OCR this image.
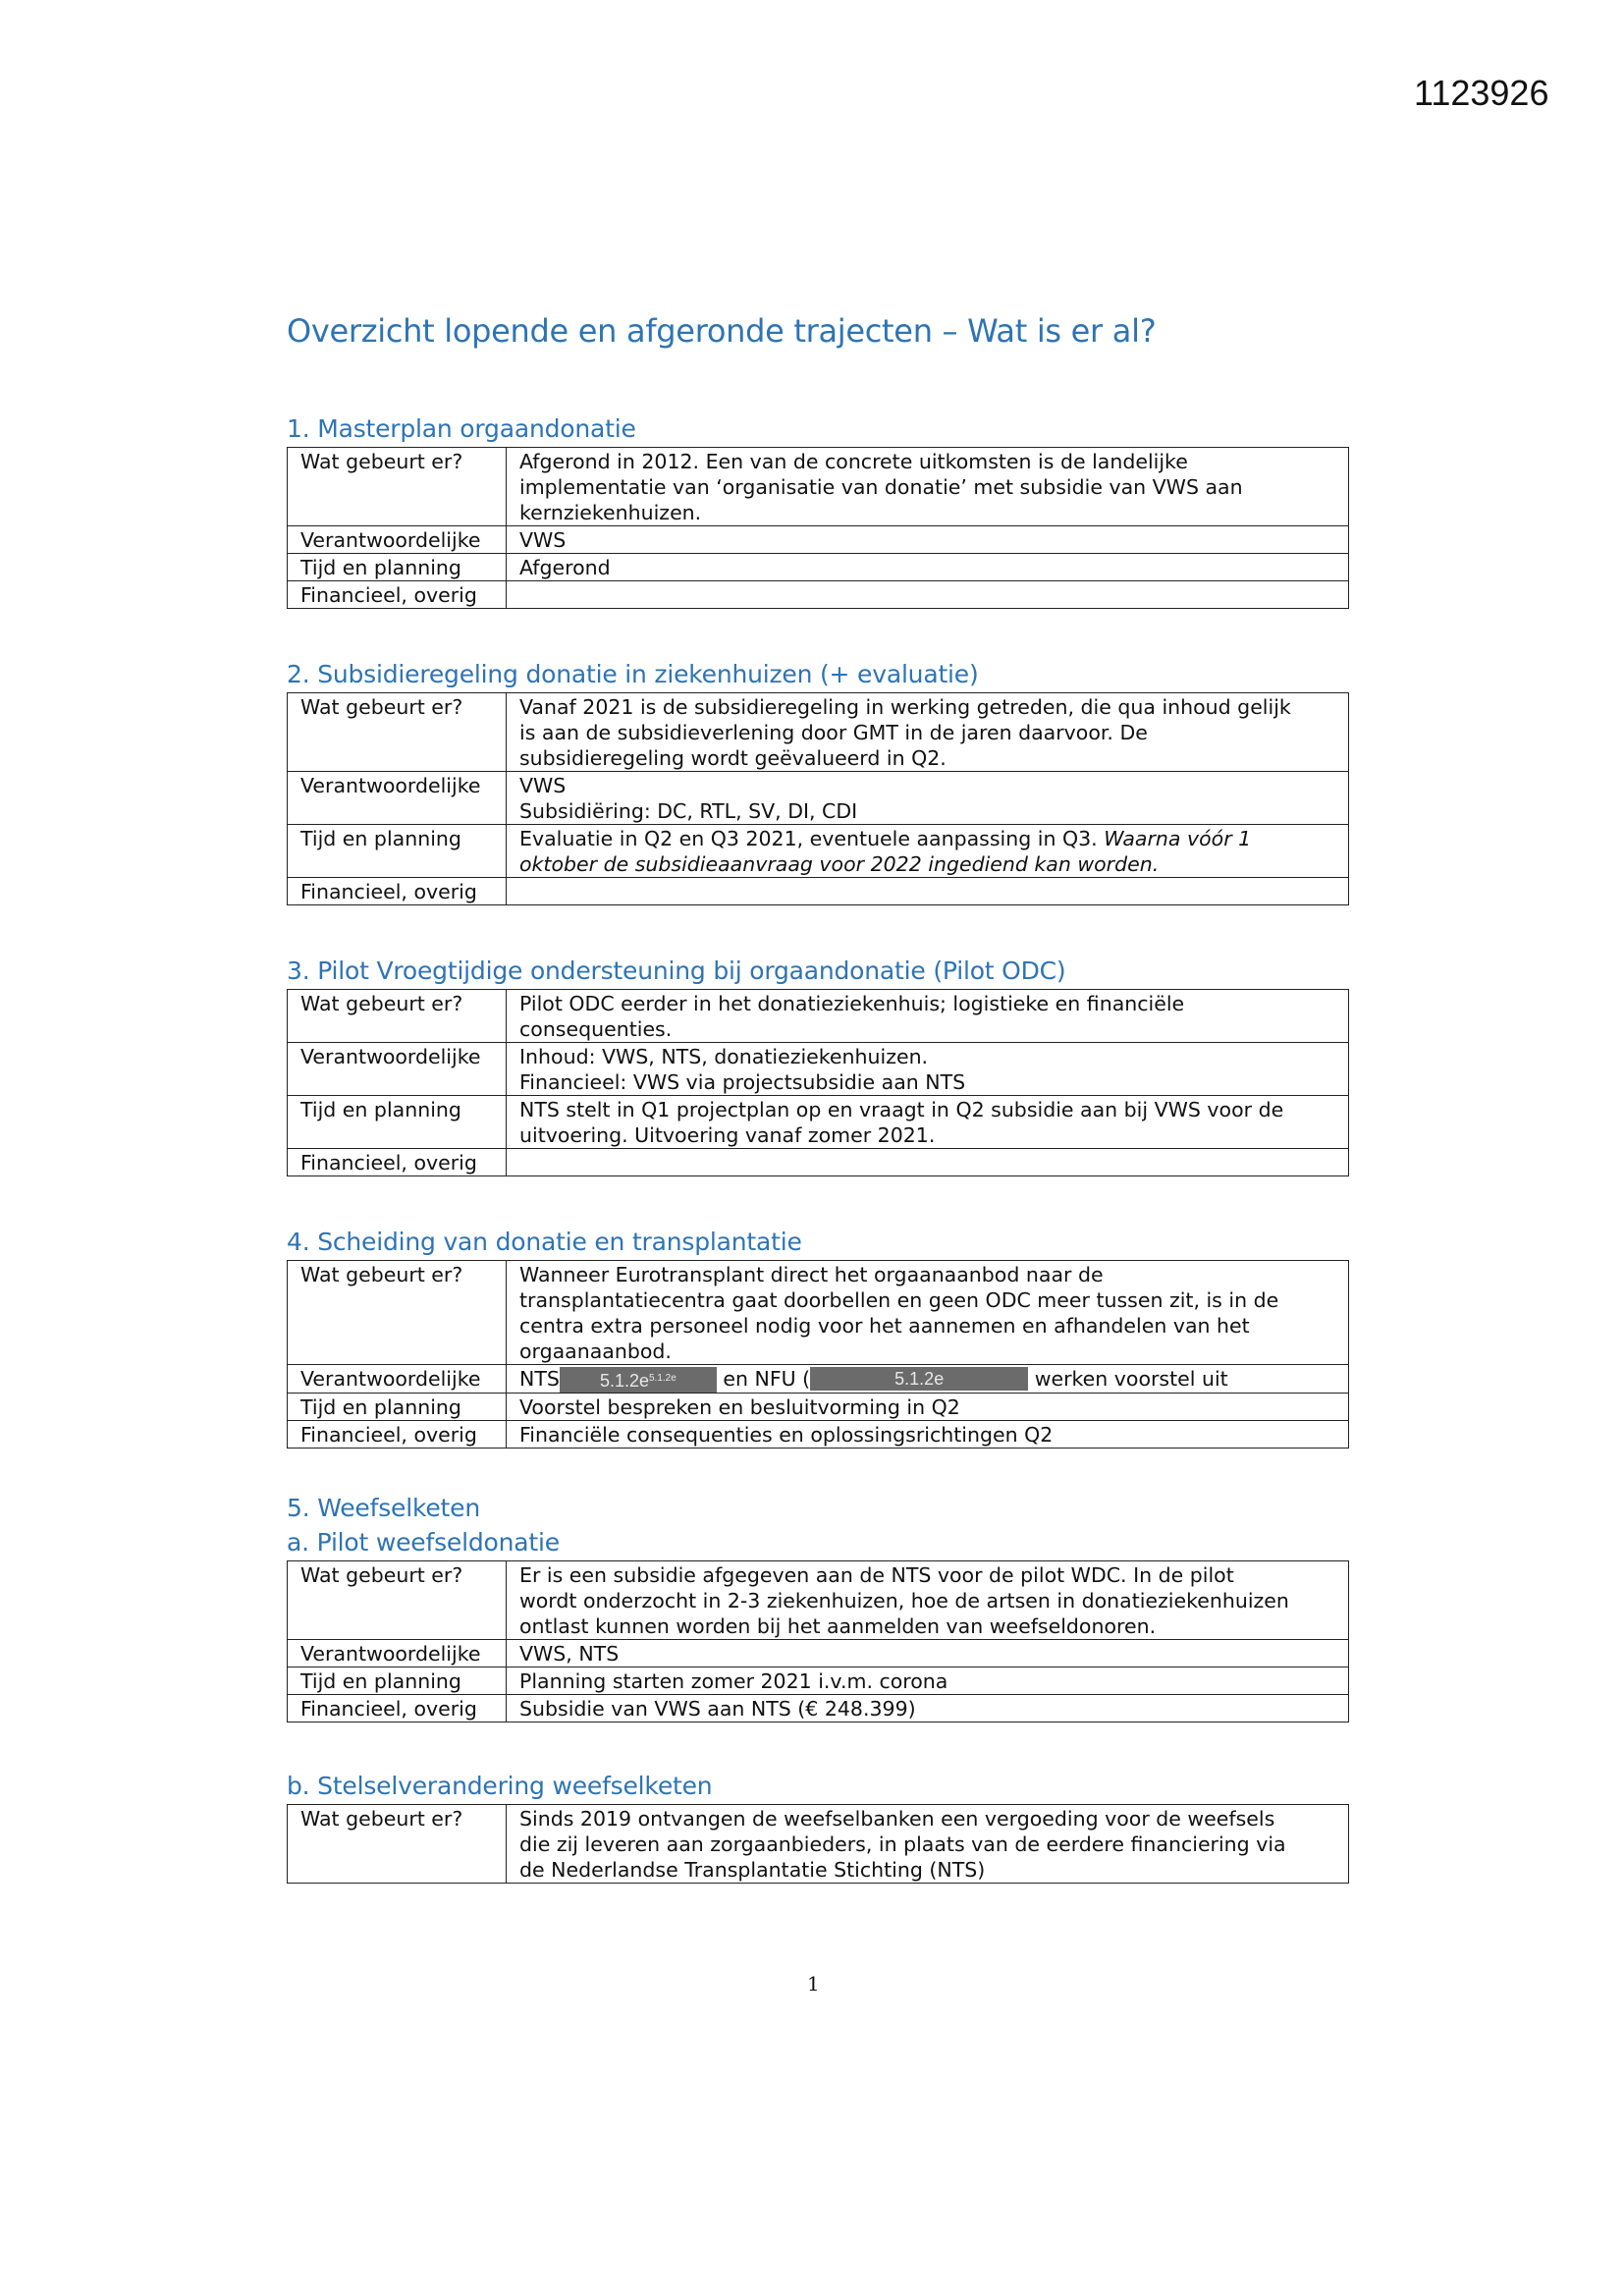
1123926
Overzicht lopende en afgeronde trajecten – Wat is er al?
1. Masterplan orgaandonatie
Wat gebeurt er?	Afgerond in 2012. Een van de concrete uitkomsten is de landelijke
implementatie van ‘organisatie van donatie’ met subsidie van VWS aan
kernziekenhuizen.

Verantwoordelijke	VWS
Tijd en planning	Afgerond
Financieel, overig	
2. Subsidieregeling donatie in ziekenhuizen (+ evaluatie)
Wat gebeurt er?	Vanaf 2021 is de subsidieregeling in werking getreden, die qua inhoud gelijk
is aan de subsidieverlening door GMT in de jaren daarvoor. De
subsidieregeling wordt geëvalueerd in Q2.

Verantwoordelijke	VWS
Subsidiëring: DC, RTL, SV, DI, CDI

Tijd en planning	Evaluatie in Q2 en Q3 2021, eventuele aanpassing in Q3. Waarna vóór 1
oktober de subsidieaanvraag voor 2022 ingediend kan worden.

Financieel, overig	
3. Pilot Vroegtijdige ondersteuning bij orgaandonatie (Pilot ODC)
Wat gebeurt er?	Pilot ODC eerder in het donatieziekenhuis; logistieke en financiële
consequenties.

Verantwoordelijke	Inhoud: VWS, NTS, donatieziekenhuizen.
Financieel: VWS via projectsubsidie aan NTS

Tijd en planning	NTS stelt in Q1 projectplan op en vraagt in Q2 subsidie aan bij VWS voor de
uitvoering. Uitvoering vanaf zomer 2021.

Financieel, overig	
4. Scheiding van donatie en transplantatie
Wat gebeurt er?	Wanneer Eurotransplant direct het orgaanaanbod naar de
transplantatiecentra gaat doorbellen en geen ODC meer tussen zit, is in de
centra extra personeel nodig voor het aannemen en afhandelen van het
orgaanaanbod.

Verantwoordelijke	NTS $5.1.2e^{5.1.2e}$ en NFU ( 5.1.2e werken voorstel uit
Tijd en planning	Voorstel bespreken en besluitvorming in Q2
Financieel, overig	Financiële consequenties en oplossingsrichtingen Q2
5. Weefselketen
a. Pilot weefseldonatie
Wat gebeurt er?	Er is een subsidie afgegeven aan de NTS voor de pilot WDC. In de pilot
wordt onderzocht in 2-3 ziekenhuizen, hoe de artsen in donatieziekenhuizen
ontlast kunnen worden bij het aanmelden van weefseldonoren.

Verantwoordelijke	VWS, NTS
Tijd en planning	Planning starten zomer 2021 i.v.m. corona
Financieel, overig	Subsidie van VWS aan NTS (€ 248.399)
b. Stelselverandering weefselketen
Wat gebeurt er?	Sinds 2019 ontvangen de weefselbanken een vergoeding voor de weefsels
die zij leveren aan zorgaanbieders, in plaats van de eerdere financiering via
de Nederlandse Transplantatie Stichting (NTS)
1
